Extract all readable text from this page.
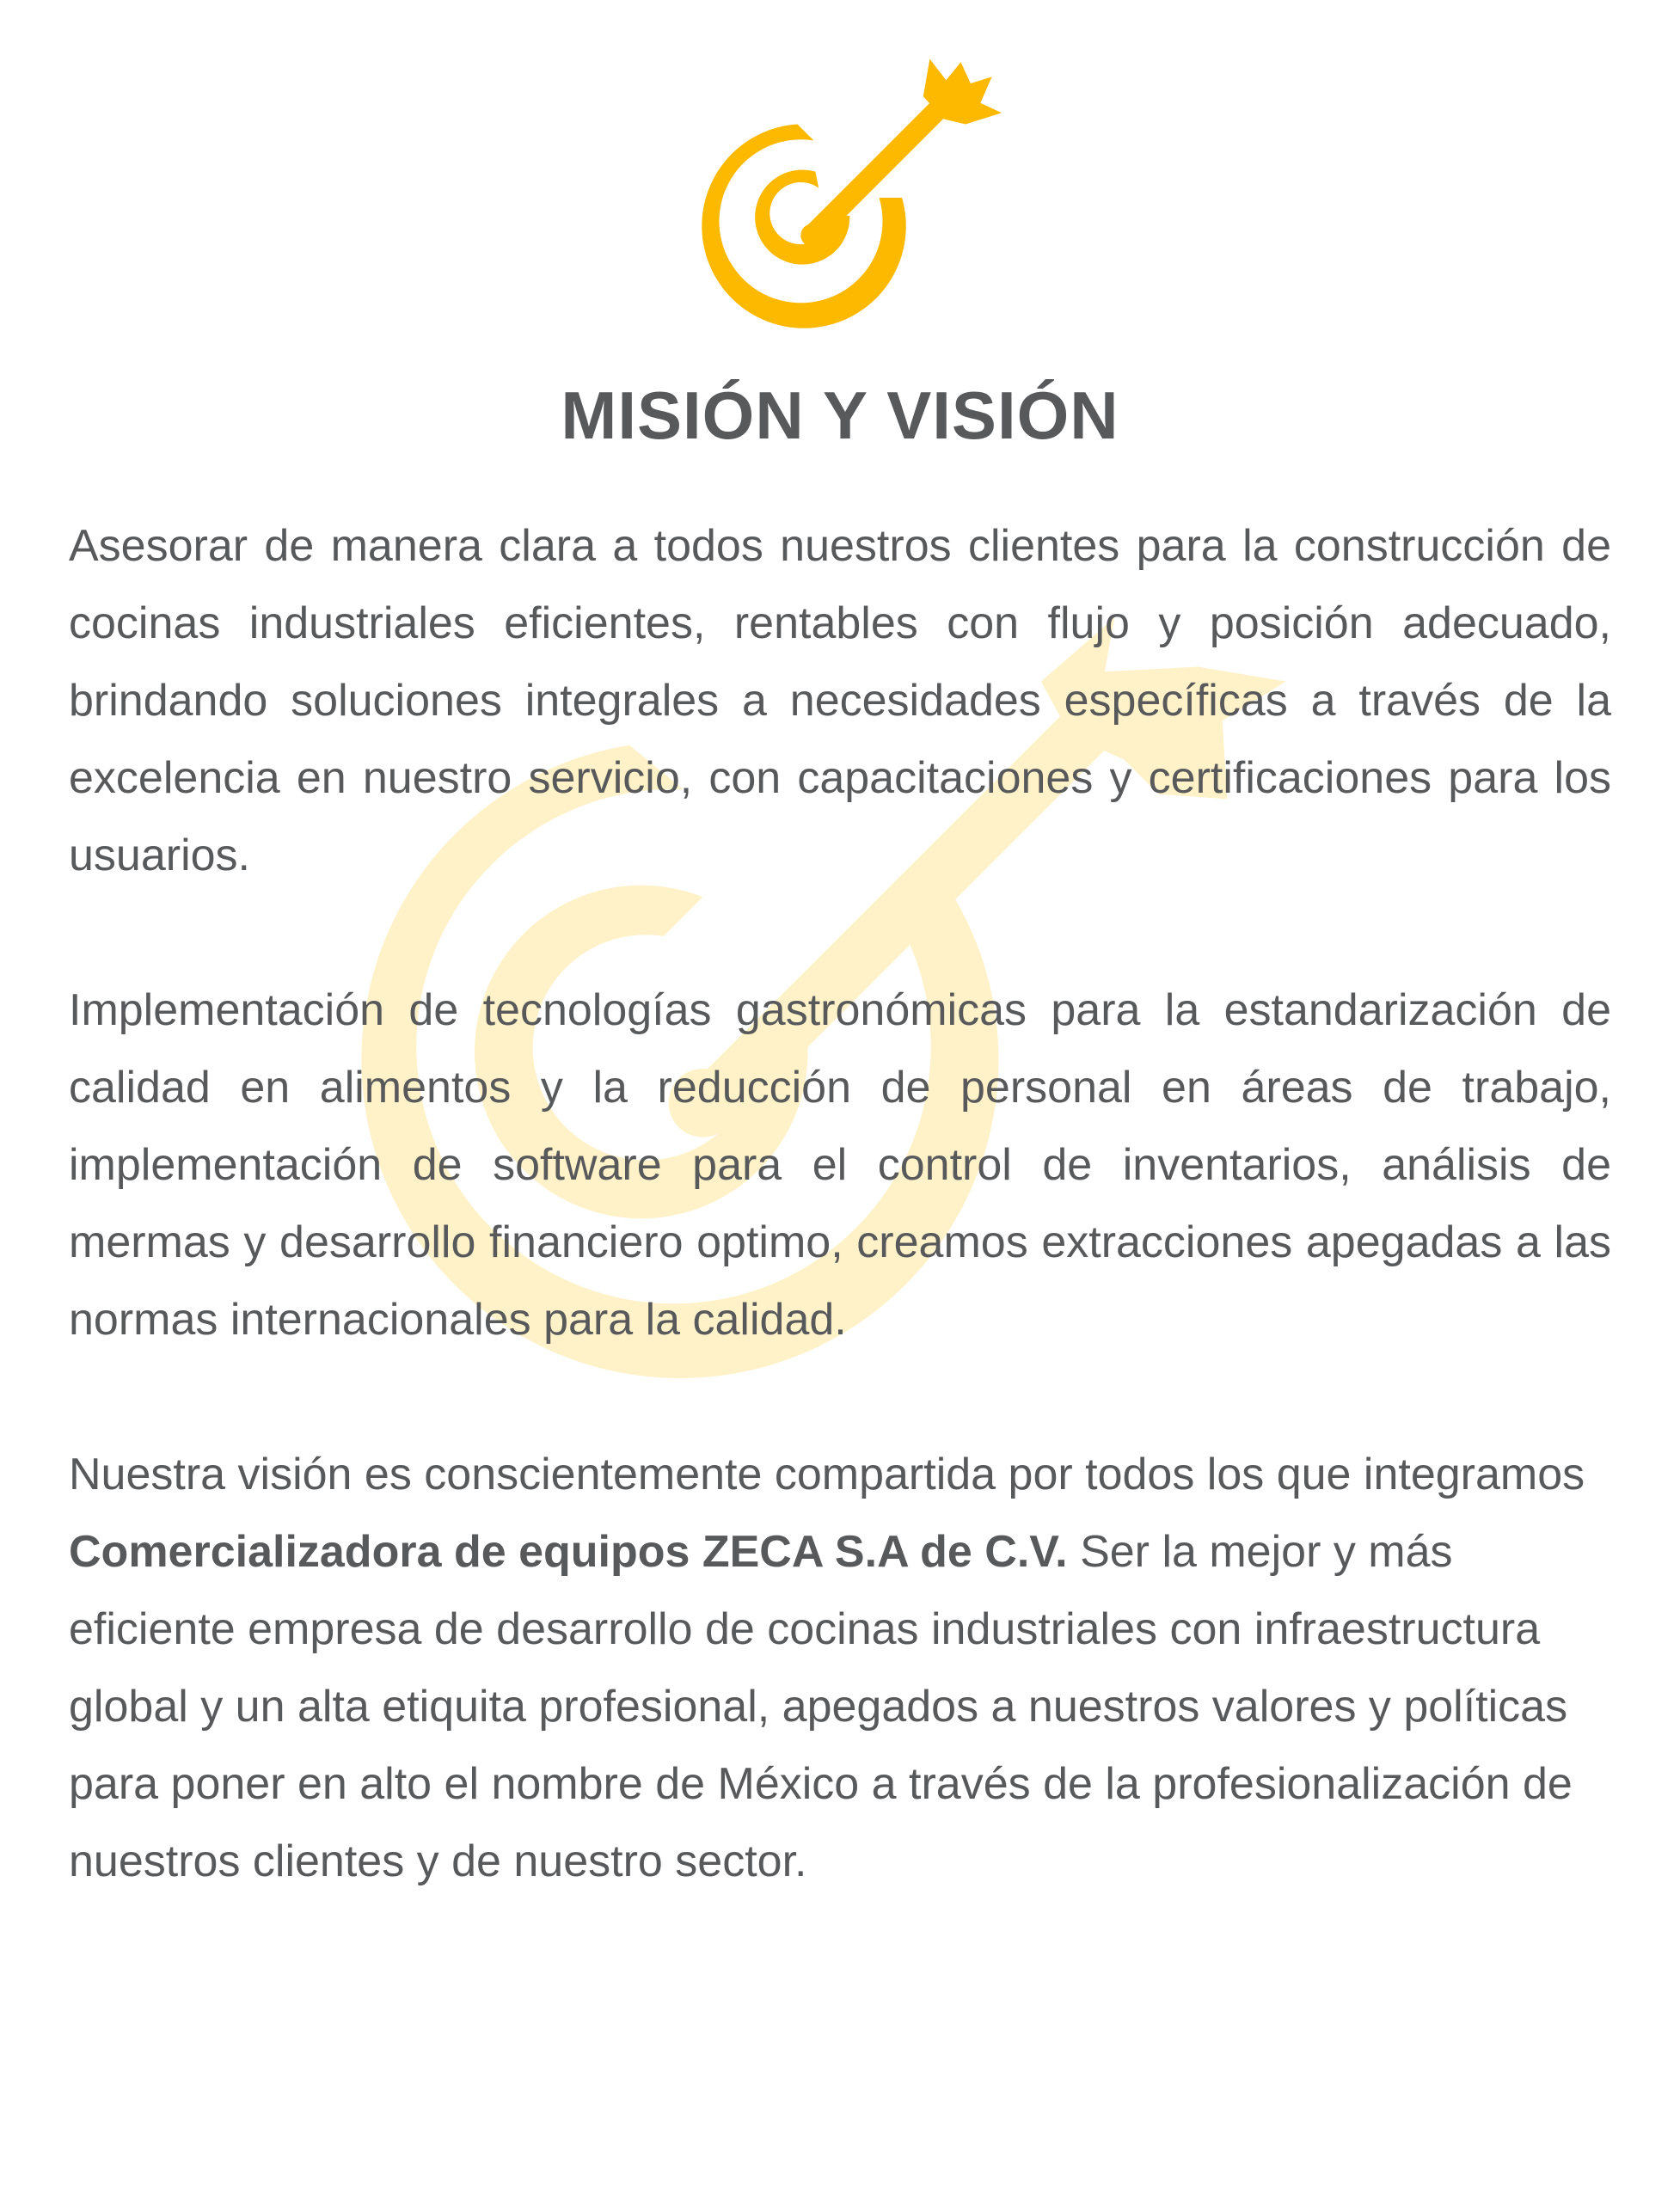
MISIÓN Y VISIÓN

Asesorar de manera clara a todos nuestros clientes para la construcción de cocinas industriales eficientes, rentables con flujo y posición adecuado, brindando soluciones integrales a necesidades específicas a través de la excelencia en nuestro servicio, con capacitaciones y certificaciones para los usuarios.

Implementación de tecnologías gastronómicas para la estandarización de calidad en alimentos y la reducción de personal en áreas de trabajo, implementación de software para el control de inventarios, análisis de mermas y desarrollo financiero optimo, creamos extracciones apegadas a las normas internacionales para la calidad.

Nuestra visión es conscientemente compartida por todos los que integramos Comercializadora de equipos ZECA S.A de C.V. Ser la mejor y más eficiente empresa de desarrollo de cocinas industriales con infraestructura global y un alta etiquita profesional, apegados a nuestros valores y políticas para poner en alto el nombre de México a través de la profesionalización de nuestros clientes y de nuestro sector.
